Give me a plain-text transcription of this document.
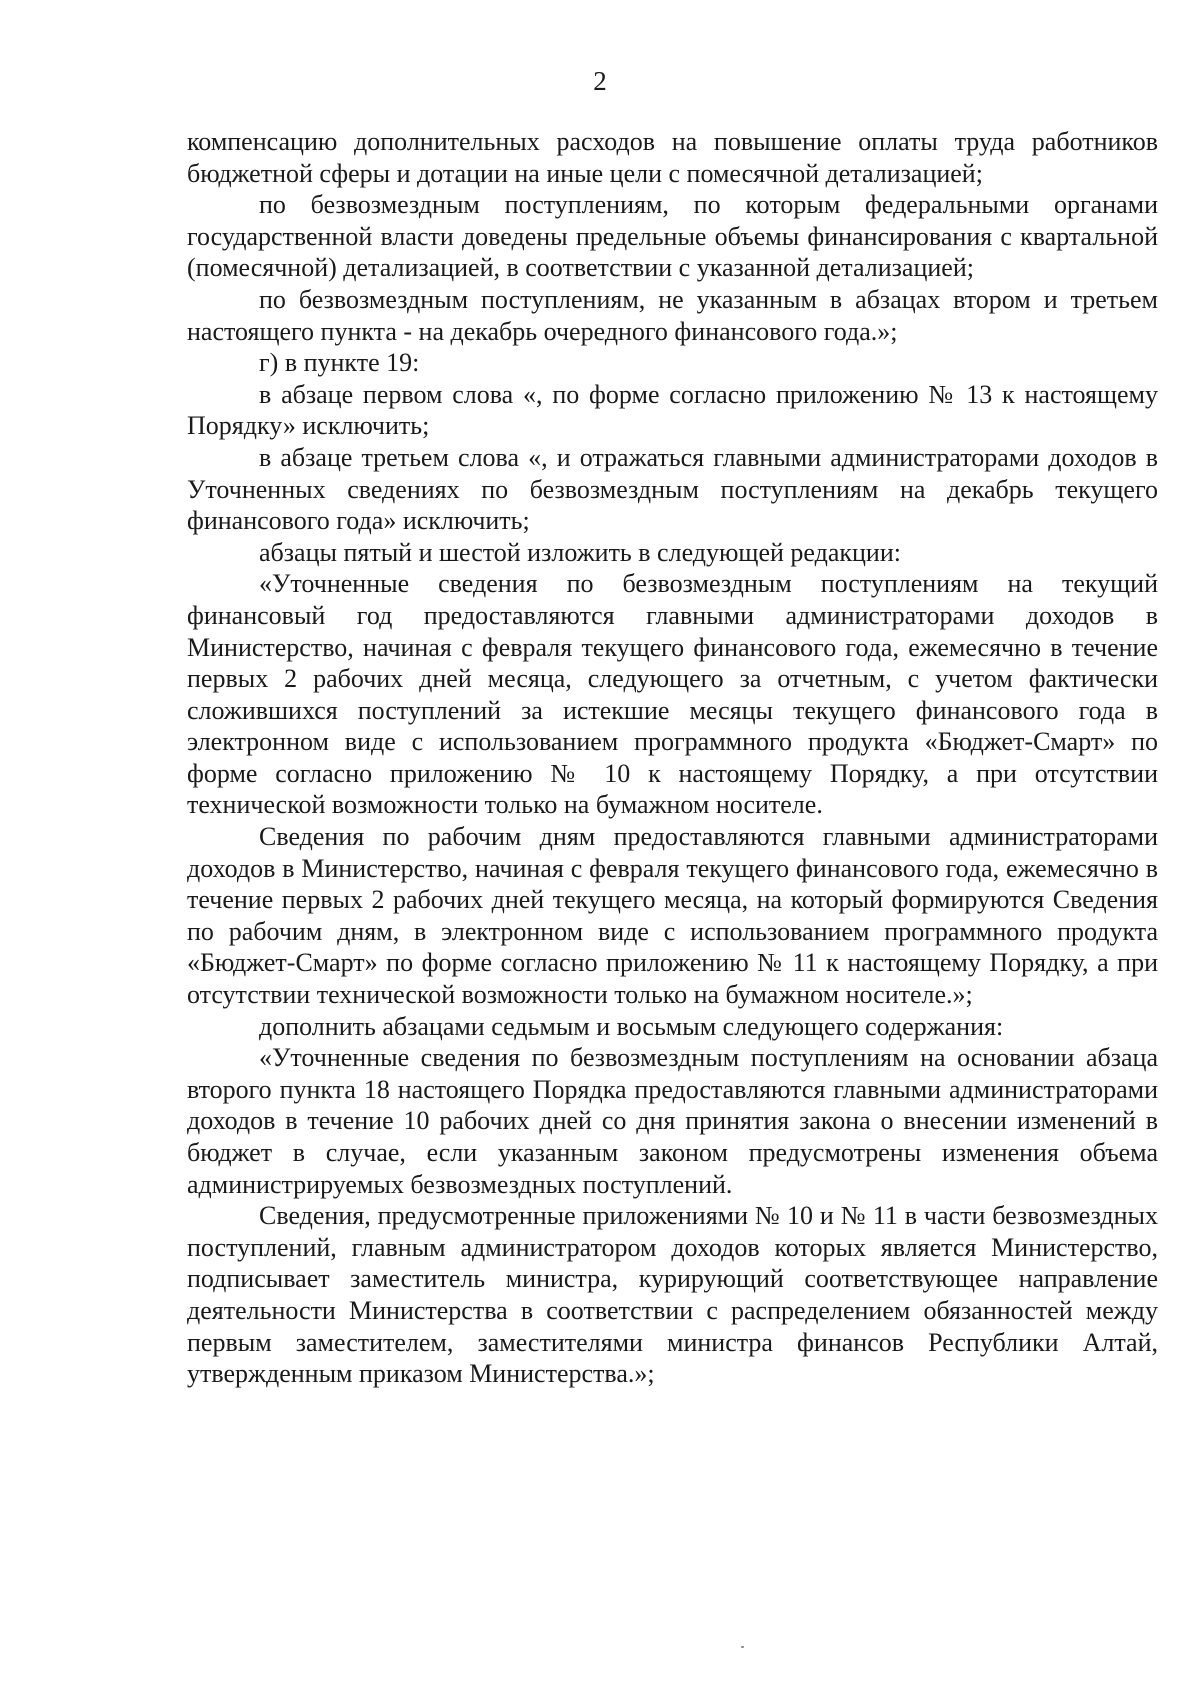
2

компенсацию дополнительных расходов на повышение оплаты труда работников бюджетной сферы и дотации на иные цели с помесячной детализацией;

по безвозмездным поступлениям, по которым федеральными органами государственной власти доведены предельные объемы финансирования с квартальной (помесячной) детализацией, в соответствии с указанной детализацией;

по безвозмездным поступлениям, не указанным в абзацах втором и третьем настоящего пункта - на декабрь очередного финансового года.»;

г) в пункте 19:

в абзаце первом слова «, по форме согласно приложению № 13 к настоящему Порядку» исключить;

в абзаце третьем слова «, и отражаться главными администраторами доходов в Уточненных сведениях по безвозмездным поступлениям на декабрь текущего финансового года» исключить;

абзацы пятый и шестой изложить в следующей редакции:

«Уточненные сведения по безвозмездным поступлениям на текущий финансовый год предоставляются главными администраторами доходов в Министерство, начиная с февраля текущего финансового года, ежемесячно в течение первых 2 рабочих дней месяца, следующего за отчетным, с учетом фактически сложившихся поступлений за истекшие месяцы текущего финансового года в электронном виде с использованием программного продукта «Бюджет-Смарт» по форме согласно приложению № 10 к настоящему Порядку, а при отсутствии технической возможности только на бумажном носителе.

Сведения по рабочим дням предоставляются главными администраторами доходов в Министерство, начиная с февраля текущего финансового года, ежемесячно в течение первых 2 рабочих дней текущего месяца, на который формируются Сведения по рабочим дням, в электронном виде с использованием программного продукта «Бюджет-Смарт» по форме согласно приложению № 11 к настоящему Порядку, а при отсутствии технической возможности только на бумажном носителе.»;

дополнить абзацами седьмым и восьмым следующего содержания:

«Уточненные сведения по безвозмездным поступлениям на основании абзаца второго пункта 18 настоящего Порядка предоставляются главными администраторами доходов в течение 10 рабочих дней со дня принятия закона о внесении изменений в бюджет в случае, если указанным законом предусмотрены изменения объема администрируемых безвозмездных поступлений.

Сведения, предусмотренные приложениями № 10 и № 11 в части безвозмездных поступлений, главным администратором доходов которых является Министерство, подписывает заместитель министра, курирующий соответствующее направление деятельности Министерства в соответствии с распределением обязанностей между первым заместителем, заместителями министра финансов Республики Алтай, утвержденным приказом Министерства.»;
